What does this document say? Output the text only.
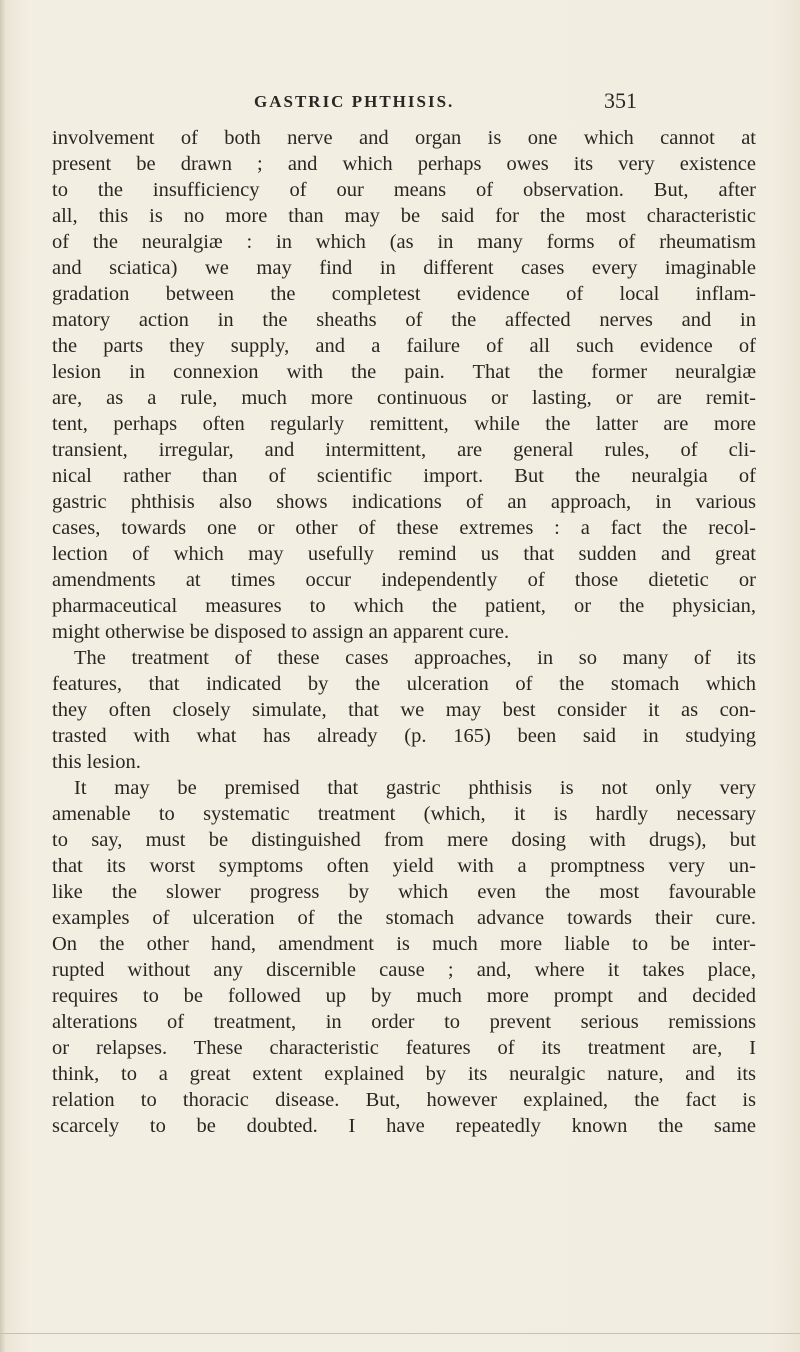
GASTRIC PHTHISIS.	351
involvement of both nerve and organ is one which cannot at
present be drawn ; and which perhaps owes its very existence
to the insufficiency of our means of observation. But, after
all, this is no more than may be said for the most characteristic
of the neuralgiæ : in which (as in many forms of rheumatism
and sciatica) we may find in different cases every imaginable
gradation between the completest evidence of local inflam-
matory action in the sheaths of the affected nerves and in
the parts they supply, and a failure of all such evidence of
lesion in connexion with the pain. That the former neuralgiæ
are, as a rule, much more continuous or lasting, or are remit-
tent, perhaps often regularly remittent, while the latter are more
transient, irregular, and intermittent, are general rules, of cli-
nical rather than of scientific import. But the neuralgia of
gastric phthisis also shows indications of an approach, in various
cases, towards one or other of these extremes : a fact the recol-
lection of which may usefully remind us that sudden and great
amendments at times occur independently of those dietetic or
pharmaceutical measures to which the patient, or the physician,
might otherwise be disposed to assign an apparent cure.
The treatment of these cases approaches, in so many of its
features, that indicated by the ulceration of the stomach which
they often closely simulate, that we may best consider it as con-
trasted with what has already (p. 165) been said in studying
this lesion.
It may be premised that gastric phthisis is not only very
amenable to systematic treatment (which, it is hardly necessary
to say, must be distinguished from mere dosing with drugs), but
that its worst symptoms often yield with a promptness very un-
like the slower progress by which even the most favourable
examples of ulceration of the stomach advance towards their cure.
On the other hand, amendment is much more liable to be inter-
rupted without any discernible cause ; and, where it takes place,
requires to be followed up by much more prompt and decided
alterations of treatment, in order to prevent serious remissions
or relapses. These characteristic features of its treatment are, I
think, to a great extent explained by its neuralgic nature, and its
relation to thoracic disease. But, however explained, the fact is
scarcely to be doubted. I have repeatedly known the same
